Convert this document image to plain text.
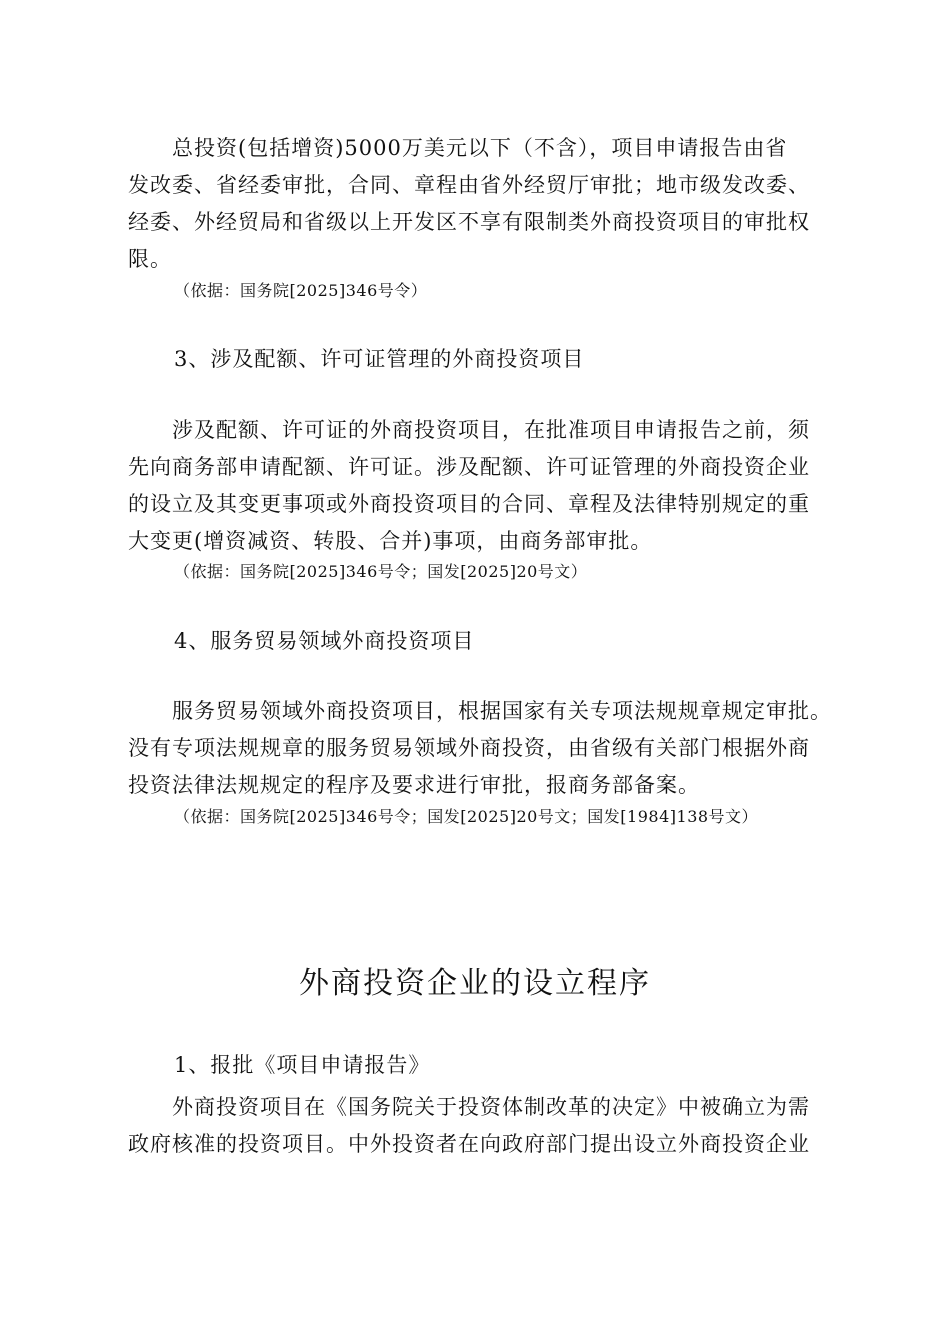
总投资(包括增资)5000万美元以下（不含），项目申请报告由省
发改委、省经委审批，合同、章程由省外经贸厅审批；地市级发改委、
经委、外经贸局和省级以上开发区不享有限制类外商投资项目的审批权
限。
（依据：国务院[2025]346号令）
3、涉及配额、许可证管理的外商投资项目
涉及配额、许可证的外商投资项目，在批准项目申请报告之前，须
先向商务部申请配额、许可证。涉及配额、许可证管理的外商投资企业
的设立及其变更事项或外商投资项目的合同、章程及法律特别规定的重
大变更(增资减资、转股、合并)事项，由商务部审批。
（依据：国务院[2025]346号令；国发[2025]20号文）
4、服务贸易领域外商投资项目
服务贸易领域外商投资项目，根据国家有关专项法规规章规定审批。
没有专项法规规章的服务贸易领域外商投资，由省级有关部门根据外商
投资法律法规规定的程序及要求进行审批，报商务部备案。
（依据：国务院[2025]346号令；国发[2025]20号文；国发[1984]138号文）
外商投资企业的设立程序
1、报批《项目申请报告》
外商投资项目在《国务院关于投资体制改革的决定》中被确立为需
政府核准的投资项目。中外投资者在向政府部门提出设立外商投资企业
